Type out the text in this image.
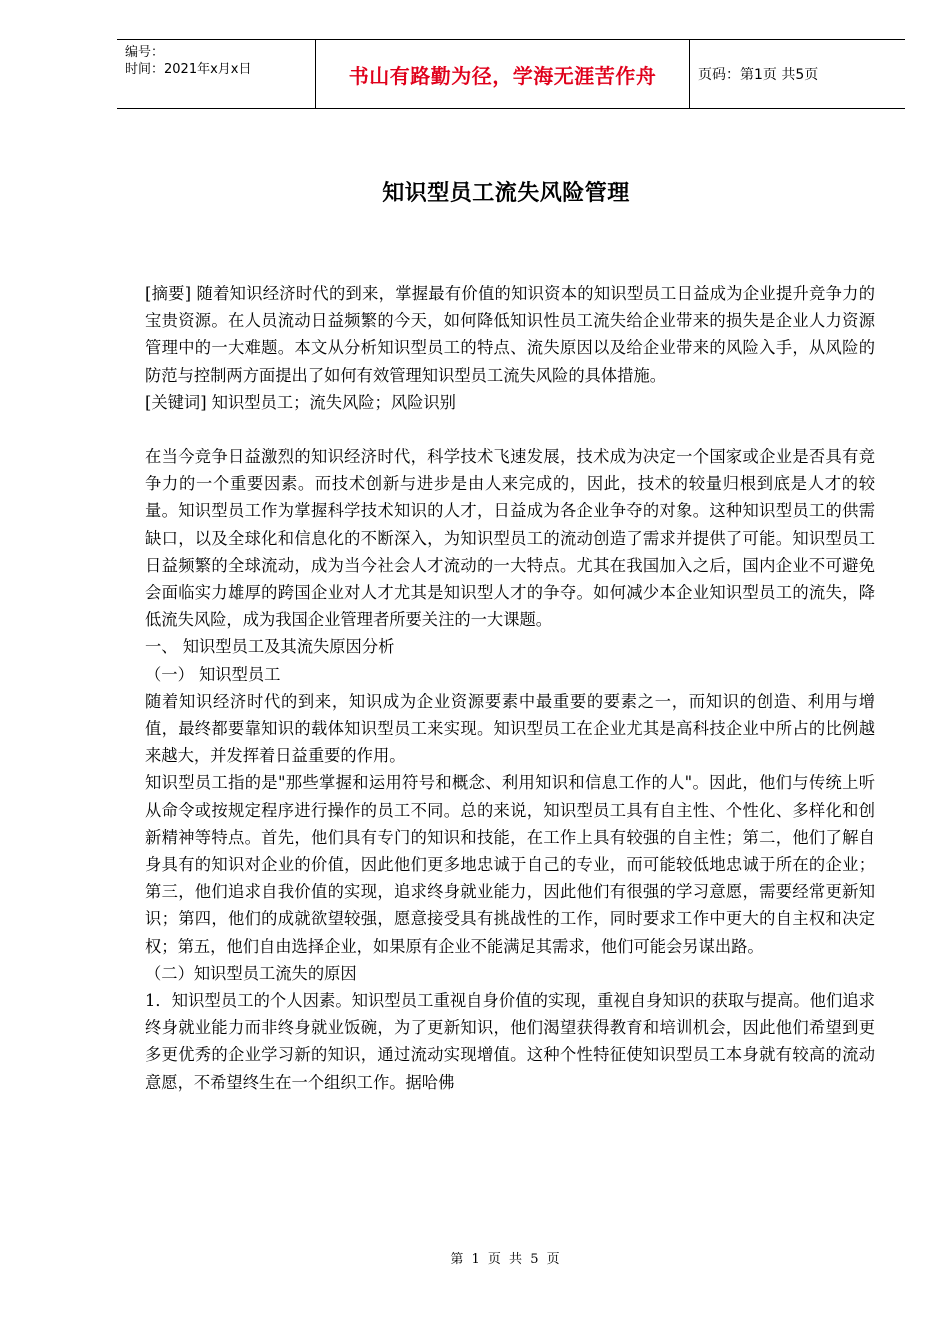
编号：
时间：2021年x月x日	书山有路勤为径，学海无涯苦作舟	页码：第1页 共5页
知识型员工流失风险管理

[摘要] 随着知识经济时代的到来，掌握最有价值的知识资本的知识型员工日益成为企业提升竞争力的宝贵资源。在人员流动日益频繁的今天，如何降低知识性员工流失给企业带来的损失是企业人力资源管理中的一大难题。本文从分析知识型员工的特点、流失原因以及给企业带来的风险入手，从风险的防范与控制两方面提出了如何有效管理知识型员工流失风险的具体措施。

[关键词] 知识型员工；流失风险；风险识别

在当今竞争日益激烈的知识经济时代，科学技术飞速发展，技术成为决定一个国家或企业是否具有竞争力的一个重要因素。而技术创新与进步是由人来完成的，因此，技术的较量归根到底是人才的较量。知识型员工作为掌握科学技术知识的人才，日益成为各企业争夺的对象。这种知识型员工的供需缺口，以及全球化和信息化的不断深入，为知识型员工的流动创造了需求并提供了可能。知识型员工日益频繁的全球流动，成为当今社会人才流动的一大特点。尤其在我国加入之后，国内企业不可避免会面临实力雄厚的跨国企业对人才尤其是知识型人才的争夺。如何减少本企业知识型员工的流失，降低流失风险，成为我国企业管理者所要关注的一大课题。

一、 知识型员工及其流失原因分析

（一） 知识型员工

随着知识经济时代的到来，知识成为企业资源要素中最重要的要素之一，而知识的创造、利用与增值，最终都要靠知识的载体知识型员工来实现。知识型员工在企业尤其是高科技企业中所占的比例越来越大，并发挥着日益重要的作用。

知识型员工指的是"那些掌握和运用符号和概念、利用知识和信息工作的人"。因此，他们与传统上听从命令或按规定程序进行操作的员工不同。总的来说，知识型员工具有自主性、个性化、多样化和创新精神等特点。首先，他们具有专门的知识和技能，在工作上具有较强的自主性；第二，他们了解自身具有的知识对企业的价值，因此他们更多地忠诚于自己的专业，而可能较低地忠诚于所在的企业；第三，他们追求自我价值的实现，追求终身就业能力，因此他们有很强的学习意愿，需要经常更新知识；第四，他们的成就欲望较强，愿意接受具有挑战性的工作，同时要求工作中更大的自主权和决定权；第五，他们自由选择企业，如果原有企业不能满足其需求，他们可能会另谋出路。

（二）知识型员工流失的原因

1．知识型员工的个人因素。知识型员工重视自身价值的实现，重视自身知识的获取与提高。他们追求终身就业能力而非终身就业饭碗，为了更新知识，他们渴望获得教育和培训机会，因此他们希望到更多更优秀的企业学习新的知识，通过流动实现增值。这种个性特征使知识型员工本身就有较高的流动意愿，不希望终生在一个组织工作。据哈佛

第 1 页 共 5 页
